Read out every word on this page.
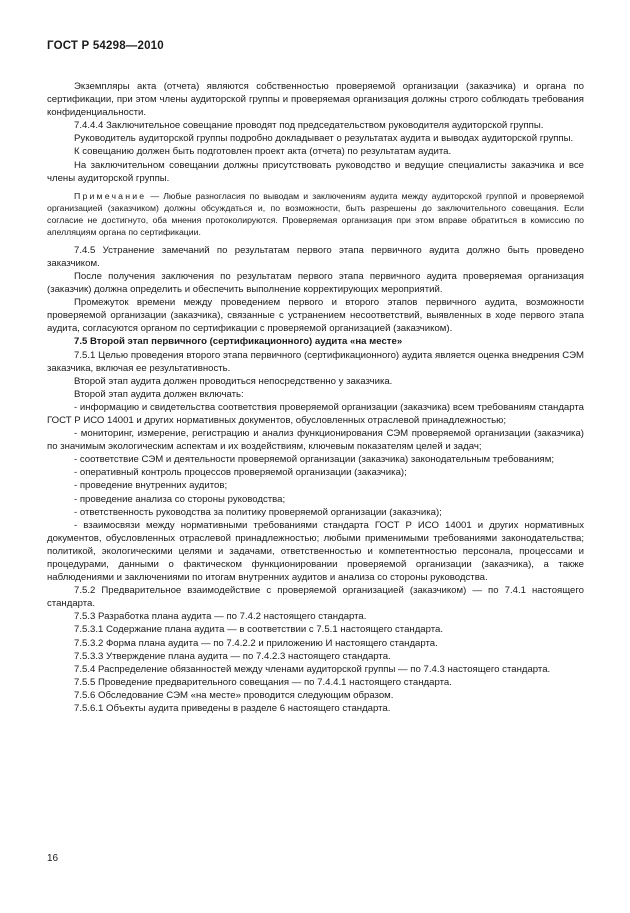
ГОСТ Р 54298—2010

Экземпляры акта (отчета) являются собственностью проверяемой организации (заказчика) и органа по сертификации, при этом члены аудиторской группы и проверяемая организация должны строго соблюдать требования конфиденциальности.

7.4.4.4 Заключительное совещание проводят под председательством руководителя аудиторской группы.

Руководитель аудиторской группы подробно докладывает о результатах аудита и выводах аудиторской группы.

К совещанию должен быть подготовлен проект акта (отчета) по результатам аудита.

На заключительном совещании должны присутствовать руководство и ведущие специалисты заказчика и все члены аудиторской группы.

Примечание — Любые разногласия по выводам и заключениям аудита между аудиторской группой и проверяемой организацией (заказчиком) должны обсуждаться и, по возможности, быть разрешены до заключительного совещания. Если согласие не достигнуто, оба мнения протоколируются. Проверяемая организация при этом вправе обратиться в комиссию по апелляциям органа по сертификации.

7.4.5 Устранение замечаний по результатам первого этапа первичного аудита должно быть проведено заказчиком.

После получения заключения по результатам первого этапа первичного аудита проверяемая организация (заказчик) должна определить и обеспечить выполнение корректирующих мероприятий.

Промежуток времени между проведением первого и второго этапов первичного аудита, возможности проверяемой организации (заказчика), связанные с устранением несоответствий, выявленных в ходе первого этапа аудита, согласуются органом по сертификации с проверяемой организацией (заказчиком).

7.5 Второй этап первичного (сертификационного) аудита «на месте»

7.5.1 Целью проведения второго этапа первичного (сертификационного) аудита является оценка внедрения СЭМ заказчика, включая ее результативность.

Второй этап аудита должен проводиться непосредственно у заказчика.

Второй этап аудита должен включать:

- информацию и свидетельства соответствия проверяемой организации (заказчика) всем требованиям стандарта ГОСТ Р ИСО 14001 и других нормативных документов, обусловленных отраслевой принадлежностью;

- мониторинг, измерение, регистрацию и анализ функционирования СЭМ проверяемой организации (заказчика) по значимым экологическим аспектам и их воздействиям, ключевым показателям целей и задач;

- соответствие СЭМ и деятельности проверяемой организации (заказчика) законодательным требованиям;

- оперативный контроль процессов проверяемой организации (заказчика);

- проведение внутренних аудитов;

- проведение анализа со стороны руководства;

- ответственность руководства за политику проверяемой организации (заказчика);

- взаимосвязи между нормативными требованиями стандарта ГОСТ Р ИСО 14001 и других нормативных документов, обусловленных отраслевой принадлежностью; любыми применимыми требованиями законодательства; политикой, экологическими целями и задачами, ответственностью и компетентностью персонала, процессами и процедурами, данными о фактическом функционировании проверяемой организации (заказчика), а также наблюдениями и заключениями по итогам внутренних аудитов и анализа со стороны руководства.

7.5.2 Предварительное взаимодействие с проверяемой организацией (заказчиком) — по 7.4.1 настоящего стандарта.

7.5.3 Разработка плана аудита — по 7.4.2 настоящего стандарта.

7.5.3.1 Содержание плана аудита — в соответствии с 7.5.1 настоящего стандарта.

7.5.3.2 Форма плана аудита — по 7.4.2.2 и приложению И настоящего стандарта.

7.5.3.3 Утверждение плана аудита — по 7.4.2.3 настоящего стандарта.

7.5.4 Распределение обязанностей между членами аудиторской группы — по 7.4.3 настоящего стандарта.

7.5.5 Проведение предварительного совещания — по 7.4.4.1 настоящего стандарта.

7.5.6 Обследование СЭМ «на месте» проводится следующим образом.

7.5.6.1 Объекты аудита приведены в разделе 6 настоящего стандарта.

16
